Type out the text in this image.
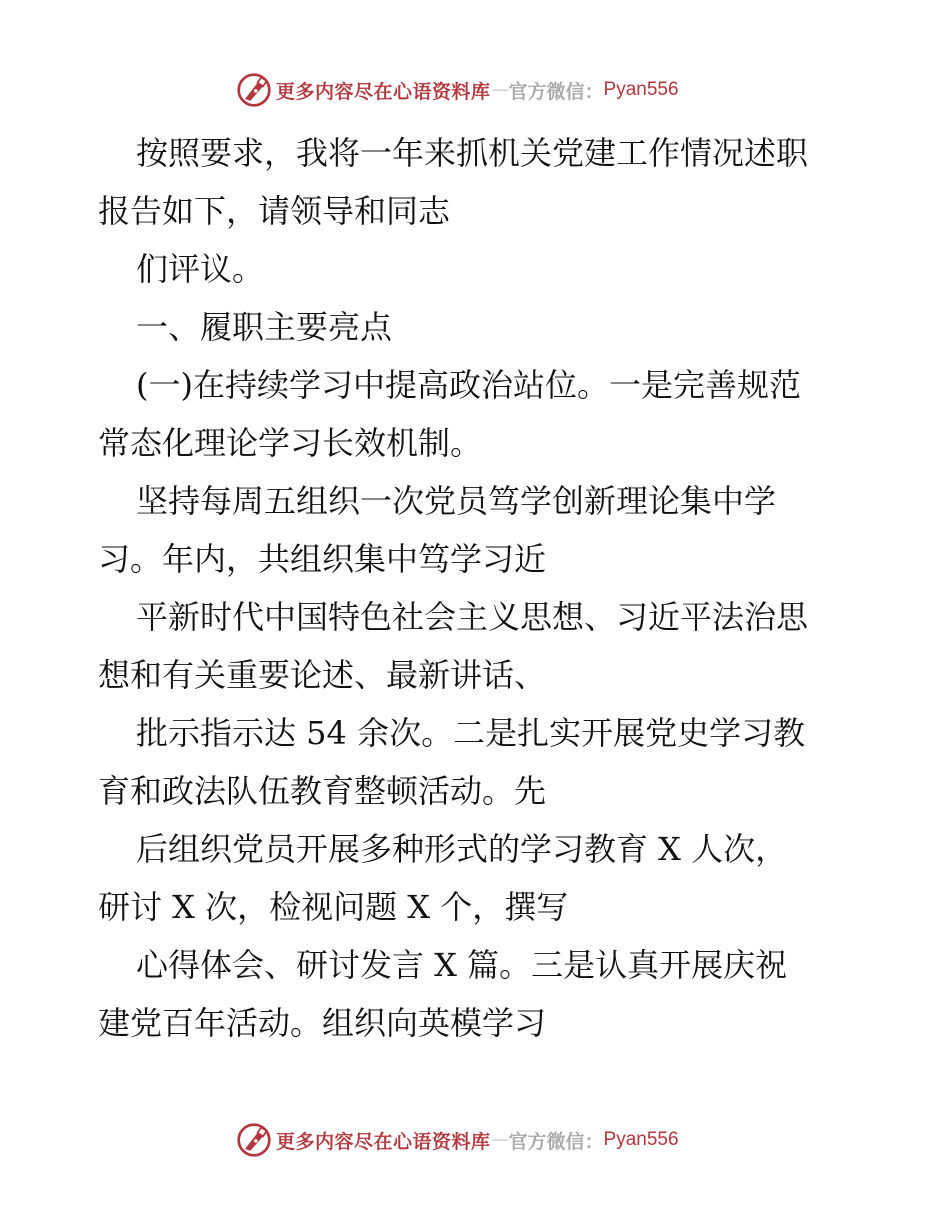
更多内容尽在心语资料库 — 官方微信： Pyan556
按照要求，我将一年来抓机关党建工作情况述职
报告如下，请领导和同志
们评议。
一、履职主要亮点
(一)在持续学习中提高政治站位。一是完善规范
常态化理论学习长效机制。
坚持每周五组织一次党员笃学创新理论集中学
习。年内，共组织集中笃学习近
平新时代中国特色社会主义思想、习近平法治思
想和有关重要论述、最新讲话、
批示指示达 54 余次。二是扎实开展党史学习教
育和政法队伍教育整顿活动。先
后组织党员开展多种形式的学习教育 X 人次，
研讨 X 次，检视问题 X 个，撰写
心得体会、研讨发言 X 篇。三是认真开展庆祝
建党百年活动。组织向英模学习
更多内容尽在心语资料库 — 官方微信： Pyan556
